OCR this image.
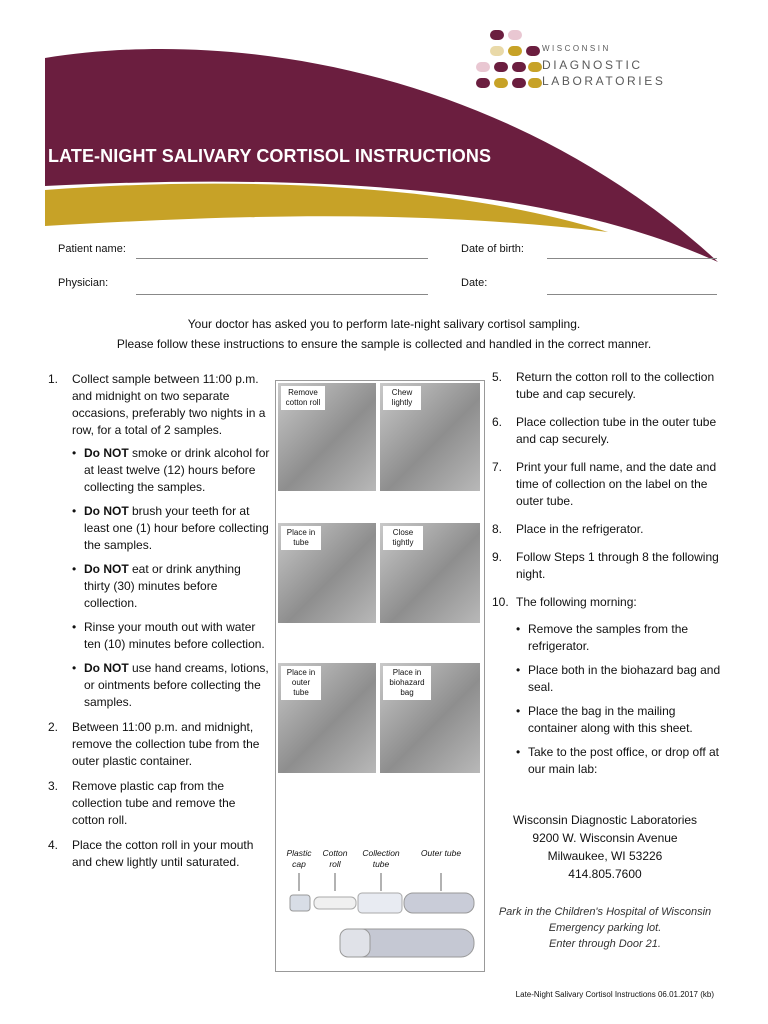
LATE-NIGHT SALIVARY CORTISOL INSTRUCTIONS
WISCONSIN
DIAGNOSTIC
LABORATORIES
Patient name:	Date of birth:
Physician:	Date:
Your doctor has asked you to perform late-night salivary cortisol sampling.
Please follow these instructions to ensure the sample is collected and handled in the correct manner.
1. Collect sample between 11:00 p.m. and midnight on two separate occasions, preferably two nights in a row, for a total of 2 samples.
• Do NOT smoke or drink alcohol for at least twelve (12) hours before collecting the samples.
• Do NOT brush your teeth for at least one (1) hour before collecting the samples.
• Do NOT eat or drink anything thirty (30) minutes before collection.
• Rinse your mouth out with water ten (10) minutes before collection.
• Do NOT use hand creams, lotions, or ointments before collecting the samples.
2. Between 11:00 p.m. and midnight, remove the collection tube from the outer plastic container.
3. Remove plastic cap from the collection tube and remove the cotton roll.
4. Place the cotton roll in your mouth and chew lightly until saturated.
Remove cotton roll
Chew lightly
Place in tube
Close tightly
Place in outer tube
Place in biohazard bag
Plastic cap
Cotton roll
Collection tube
Outer tube
5. Return the cotton roll to the collection tube and cap securely.
6. Place collection tube in the outer tube and cap securely.
7. Print your full name, and the date and time of collection on the label on the outer tube.
8. Place in the refrigerator.
9. Follow Steps 1 through 8 the following night.
10. The following morning:
• Remove the samples from the refrigerator.
• Place both in the biohazard bag and seal.
• Place the bag in the mailing container along with this sheet.
• Take to the post office, or drop off at our main lab:
Wisconsin Diagnostic Laboratories
9200 W. Wisconsin Avenue
Milwaukee, WI 53226
414.805.7600
Park in the Children's Hospital of Wisconsin
Emergency parking lot.
Enter through Door 21.
Late-Night Salivary Cortisol Instructions 06.01.2017 (kb)
